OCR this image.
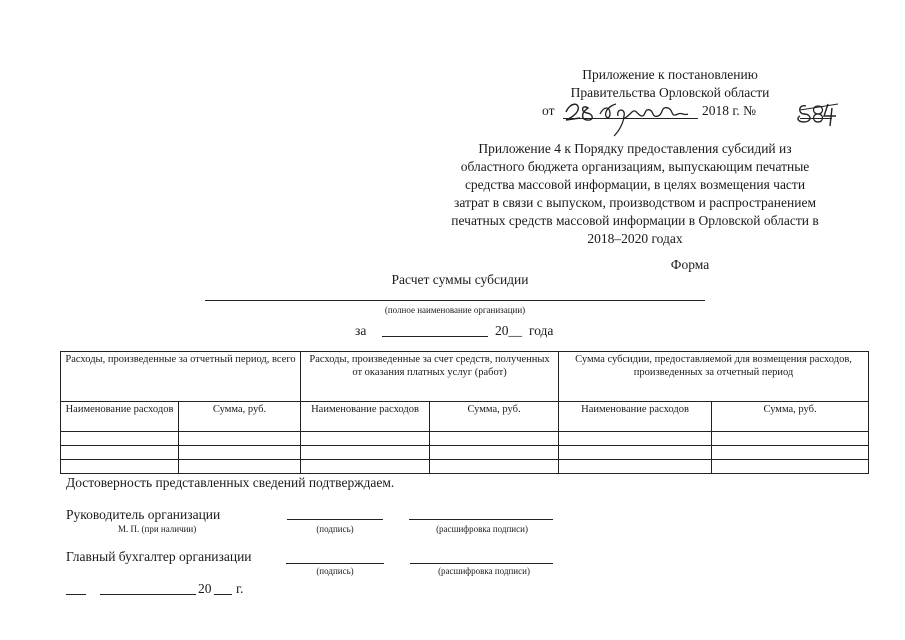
Приложение к постановлению
Правительства Орловской области
от	2018 г. №
Приложение 4 к Порядку предоставления субсидий из
областного бюджета организациям, выпускающим печатные
средства массовой информации, в целях возмещения части
затрат в связи с выпуском, производством и распространением
печатных средств массовой информации в Орловской области в
2018–2020 годах
Форма
Расчет суммы субсидии
(полное наименование организации)
за	20__ года
Расходы, произведенные за отчетный период, всего		Расходы, произведенные за счет средств, полученных от оказания платных услуг (работ)		Сумма субсидии, предоставляемой для возмещения расходов, произведенных за отчетный период	
Наименование расходов	Сумма, руб.	Наименование расходов	Сумма, руб.	Наименование расходов	Сумма, руб.

Достоверность представленных сведений подтверждаем.
Руководитель организации
М. П. (при наличии)	(подпись)	(расшифровка подписи)
Главный бухгалтер организации
(подпись)	(расшифровка подписи)
20 г.
